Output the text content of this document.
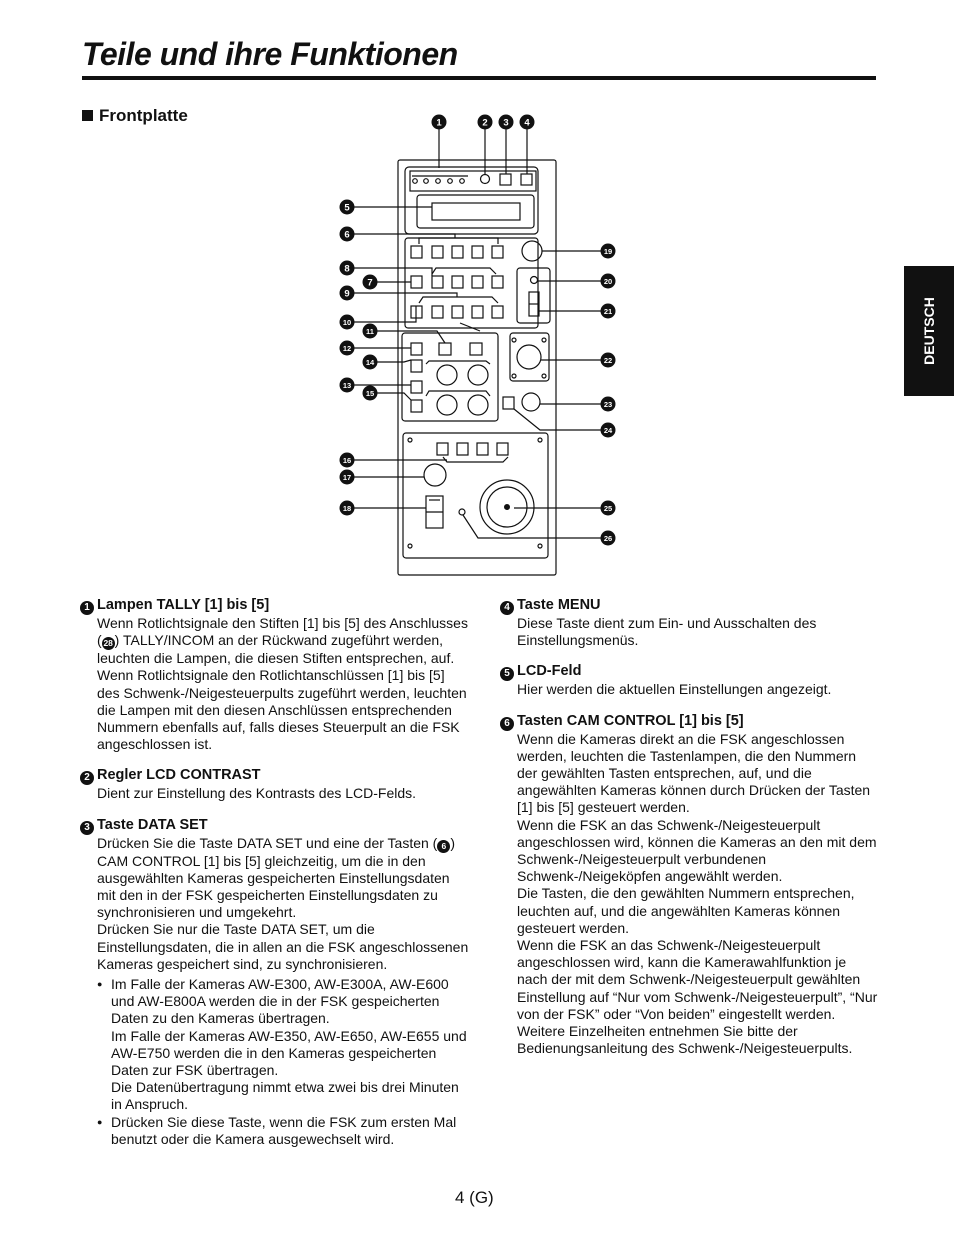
Teile und ihre Funktionen
DEUTSCH
Frontplatte	1	2 3 4
5
6
8
7
9
10
11
12
14
13
15
16
17
18
19
20
21
22
23
24
25
26
1 Lampen TALLY [1] bis [5]

Wenn Rotlichtsignale den Stiften [1] bis [5] des Anschlusses ( 28 ) TALLY/INCOM an der Rückwand zugeführt werden, leuchten die Lampen, die diesen Stiften entsprechen, auf.

Wenn Rotlichtsignale den Rotlichtanschlüssen [1] bis [5] des Schwenk-/Neigesteuerpults zugeführt werden, leuchten die Lampen mit den diesen Anschlüssen entsprechenden Nummern ebenfalls auf, falls dieses Steuerpult an die FSK angeschlossen ist.

2 Regler LCD CONTRAST

Dient zur Einstellung des Kontrasts des LCD-Felds.

3 Taste DATA SET

Drücken Sie die Taste DATA SET und eine der Tasten ( 6 ) CAM CONTROL [1] bis [5] gleichzeitig, um die in den ausgewählten Kameras gespeicherten Einstellungsdaten mit den in der FSK gespeicherten Einstellungsdaten zu synchronisieren und umgekehrt.

Drücken Sie nur die Taste DATA SET, um die Einstellungsdaten, die in allen an die FSK angeschlossenen Kameras gespeichert sind, zu synchronisieren.

● Im Falle der Kameras AW-E300, AW-E300A, AW-E600 und AW-E800A werden die in der FSK gespeicherten Daten zu den Kameras übertragen.

Im Falle der Kameras AW-E350, AW-E650, AW-E655 und AW-E750 werden die in den Kameras gespeicherten Daten zur FSK übertragen.

Die Datenübertragung nimmt etwa zwei bis drei Minuten in Anspruch.

● Drücken Sie diese Taste, wenn die FSK zum ersten Mal benutzt oder die Kamera ausgewechselt wird.

4 Taste MENU

Diese Taste dient zum Ein- und Ausschalten des Einstellungsmenüs.

5 LCD-Feld

Hier werden die aktuellen Einstellungen angezeigt.

6 Tasten CAM CONTROL [1] bis [5]

Wenn die Kameras direkt an die FSK angeschlossen werden, leuchten die Tastenlampen, die den Nummern der gewählten Tasten entsprechen, auf, und die angewählten Kameras können durch Drücken der Tasten [1] bis [5] gesteuert werden.

Wenn die FSK an das Schwenk-/Neigesteuerpult angeschlossen wird, können die Kameras an den mit dem Schwenk-/Neigesteuerpult verbundenen Schwenk-/Neigeköpfen angewählt werden.

Die Tasten, die den gewählten Nummern entsprechen, leuchten auf, und die angewählten Kameras können gesteuert werden.

Wenn die FSK an das Schwenk-/Neigesteuerpult angeschlossen wird, kann die Kamerawahlfunktion je nach der mit dem Schwenk-/Neigesteuerpult gewählten Einstellung auf “Nur vom Schwenk-/Neigesteuerpult”, “Nur von der FSK” oder “Von beiden” eingestellt werden.

Weitere Einzelheiten entnehmen Sie bitte der Bedienungsanleitung des Schwenk-/Neigesteuerpults.

4 (G)
